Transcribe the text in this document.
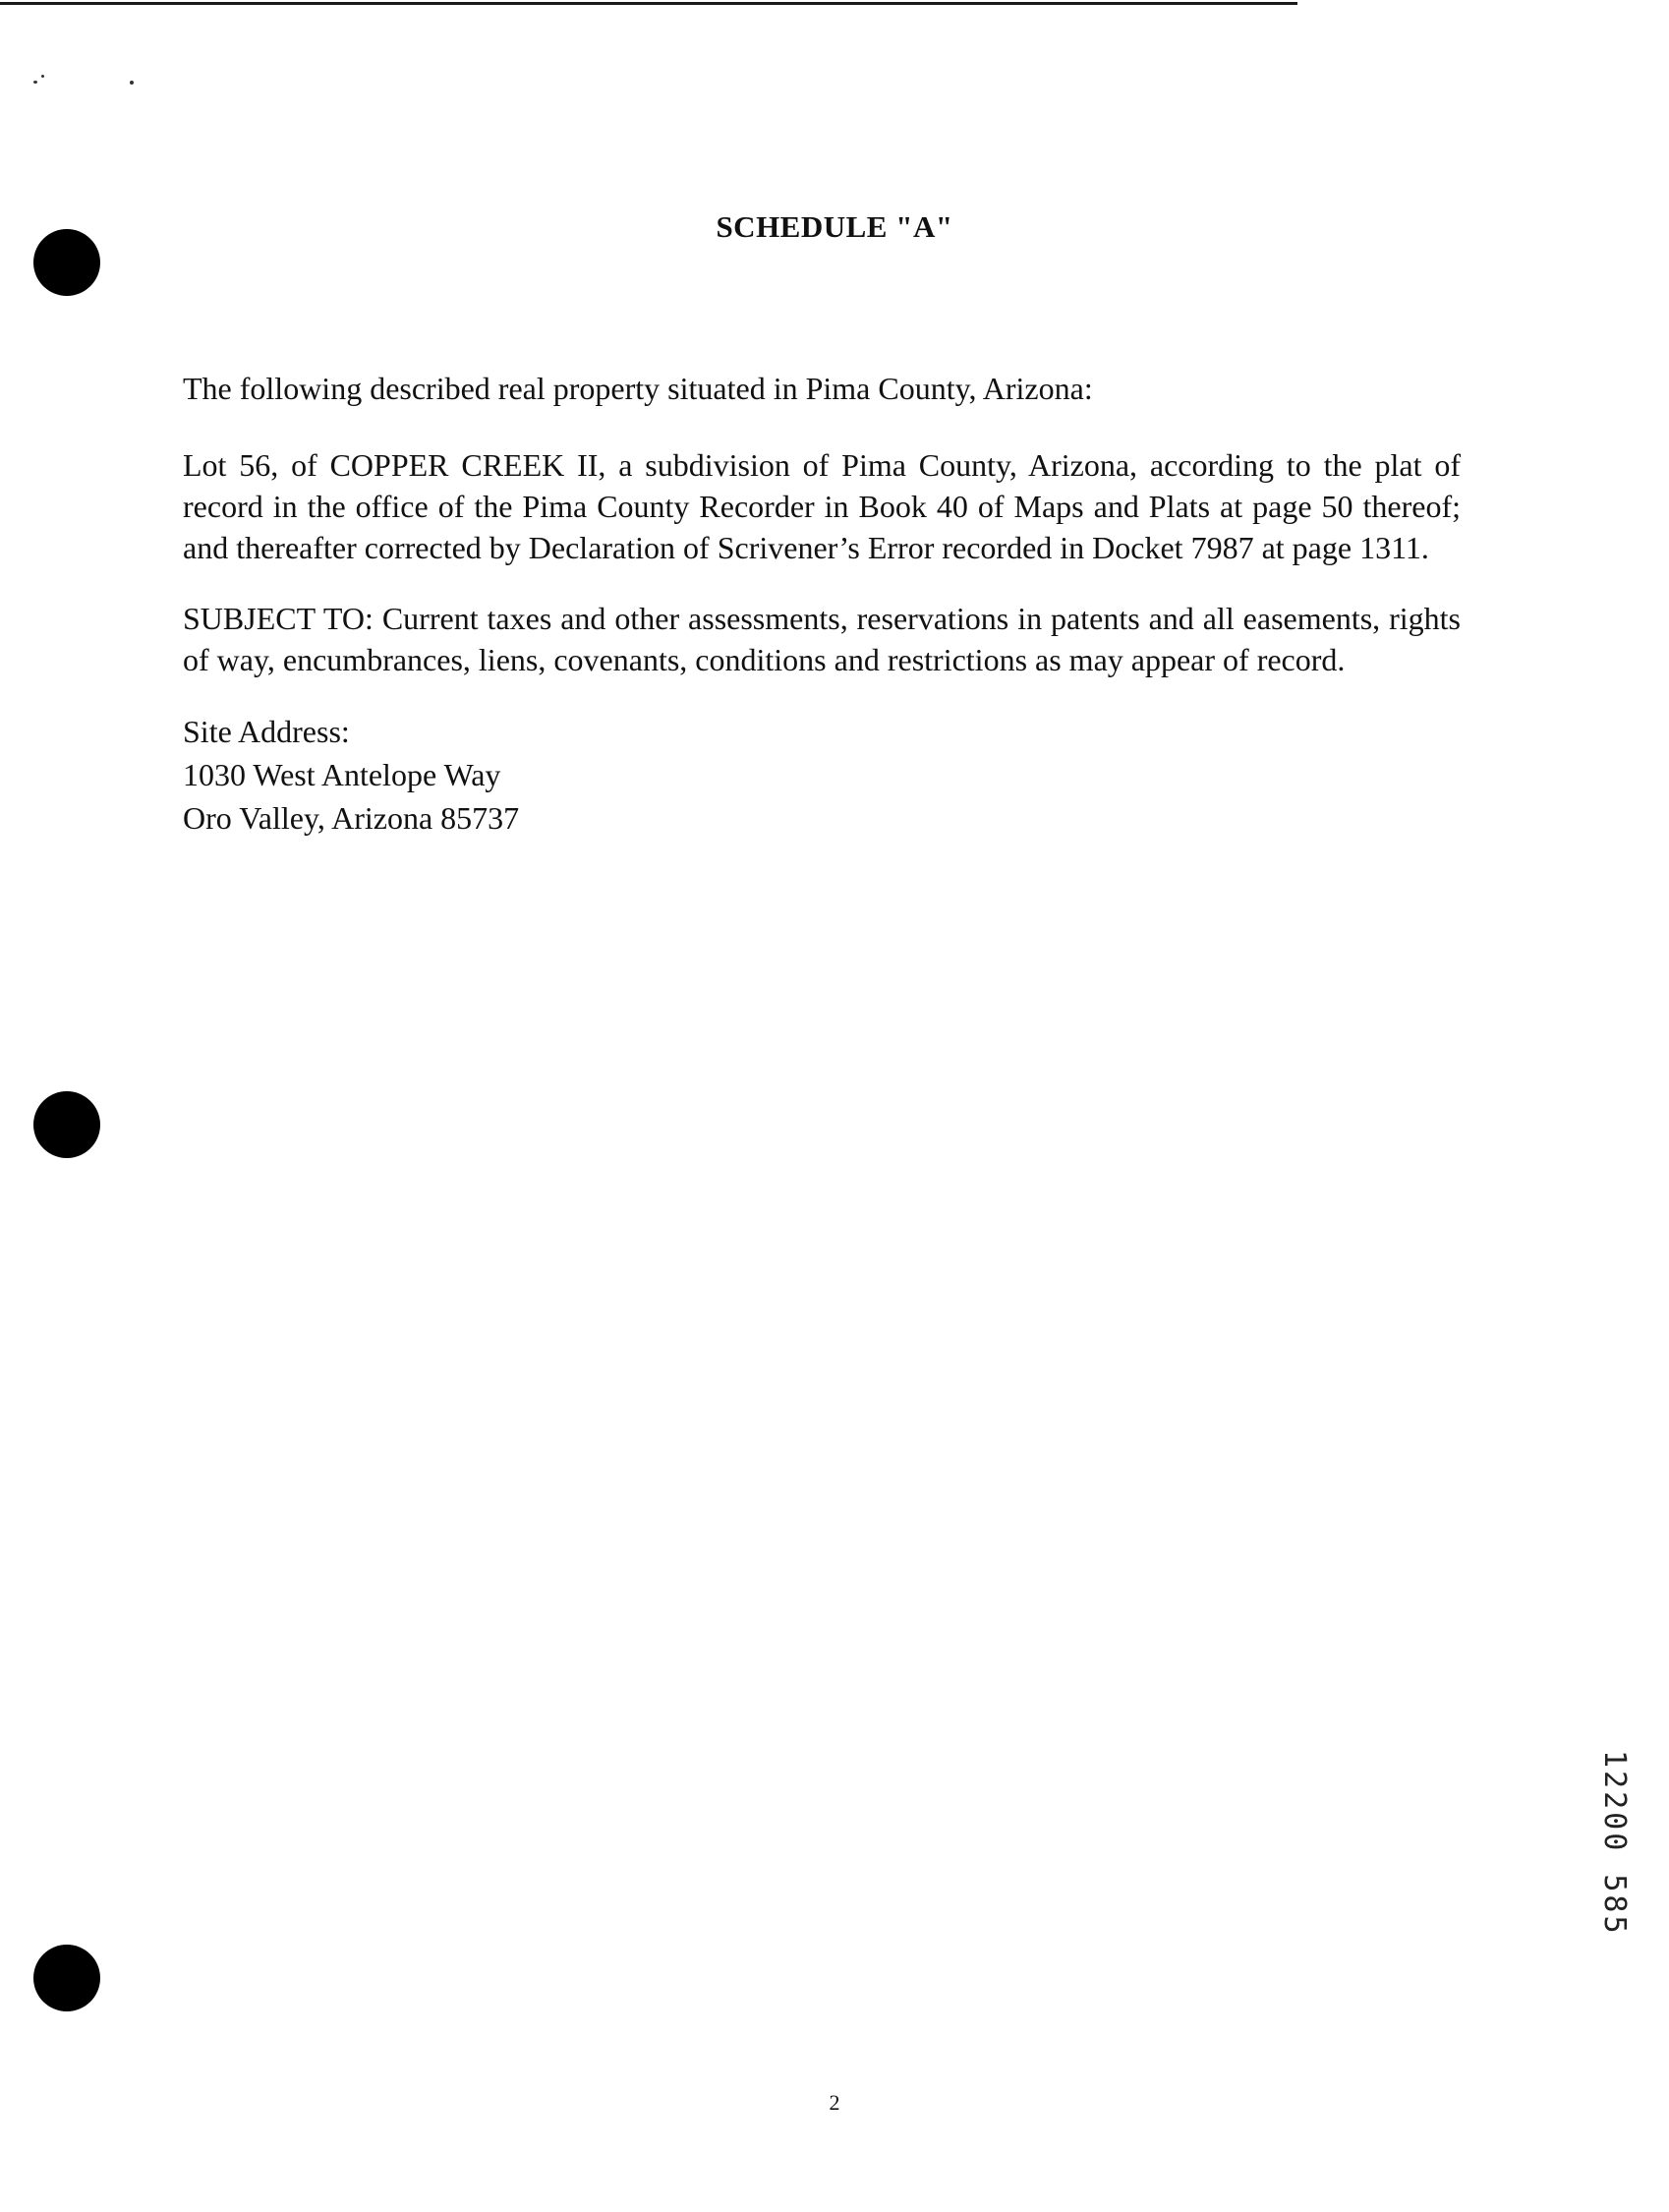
SCHEDULE "A"

The following described real property situated in Pima County, Arizona:

Lot 56, of COPPER CREEK II, a subdivision of Pima County, Arizona, according to the plat of record in the office of the Pima County Recorder in Book 40 of Maps and Plats at page 50 thereof; and thereafter corrected by Declaration of Scrivener’s Error recorded in Docket 7987 at page 1311.

SUBJECT TO: Current taxes and other assessments, reservations in patents and all easements, rights of way, encumbrances, liens, covenants, conditions and restrictions as may appear of record.

Site Address:
1030 West Antelope Way
Oro Valley, Arizona 85737
12200 585
2
